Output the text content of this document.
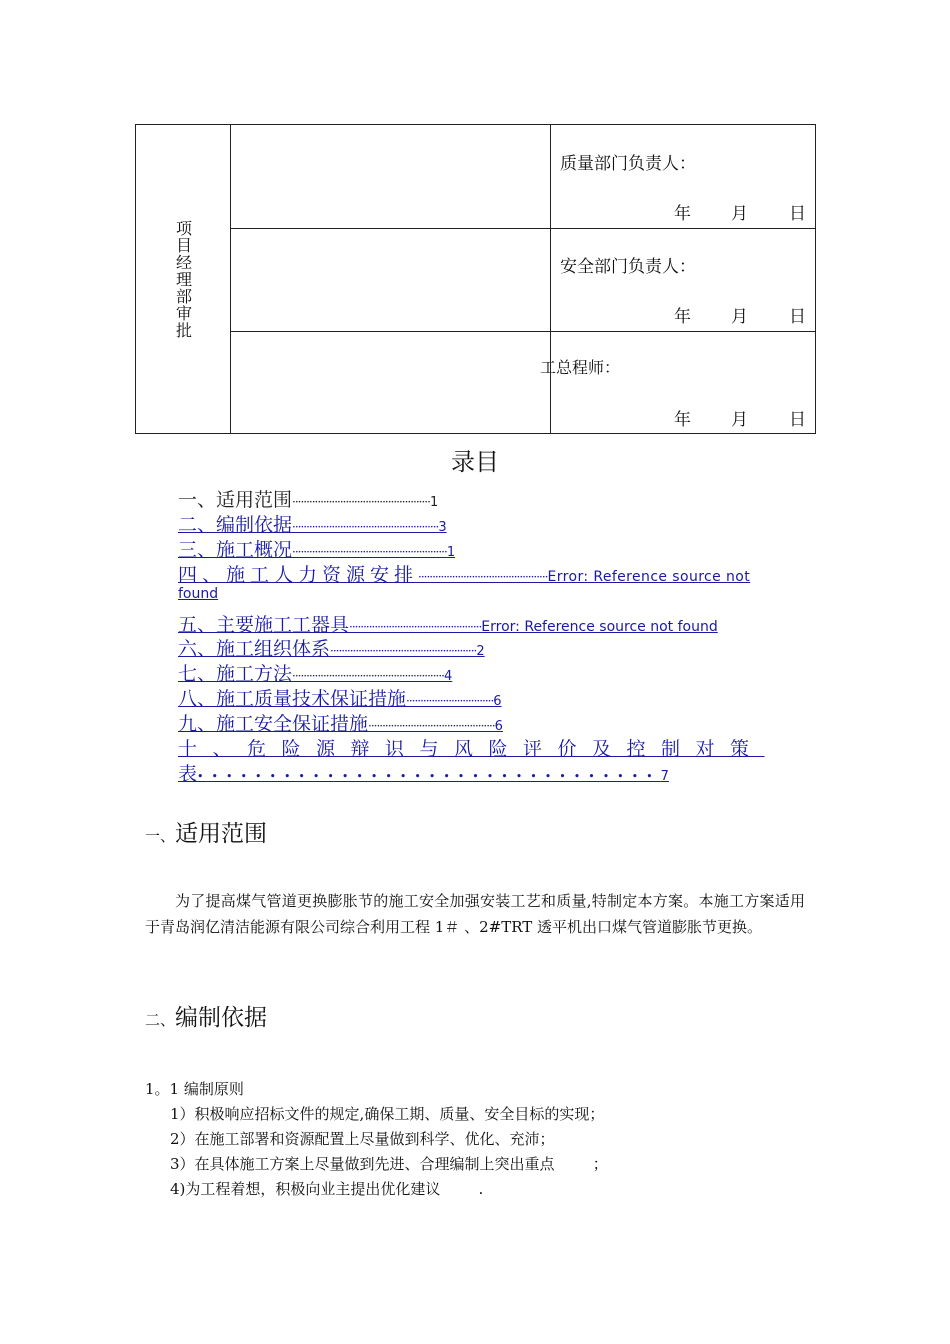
项目经理部审批
质量部门负责人：
年 月 日
安全部门负责人：
年 月 日
工总程师：
年 月 日
录目
一、适用范围·················································1
二、编制依据····················································3
三、施工概况·······················································1
四、施工人力资源安排··············································Error: Reference source not
found
五、主要施工工器具···············································Error: Reference source not found
六、施工组织体系····················································2
七、施工方法······················································4
八、施工质量技术保证措施·······························6
九、施工安全保证措施·············································6
十、危险源辩识与风险评价及控制对策
表••••••••••••••••••••••••••••••••7
一、适用范围
为了提高煤气管道更换膨胀节的施工安全加强安装工艺和质量,特制定本方案。本施工方案适用于青岛润亿清洁能源有限公司综合利用工程 1＃ 、2#TRT 透平机出口煤气管道膨胀节更换。
二、编制依据
1。1 编制原则
1）积极响应招标文件的规定,确保工期、质量、安全目标的实现；
2）在施工部署和资源配置上尽量做到科学、优化、充沛；
3）在具体施工方案上尽量做到先进、合理编制上突出重点        ；
4)为工程着想，积极向业主提出优化建议        .
